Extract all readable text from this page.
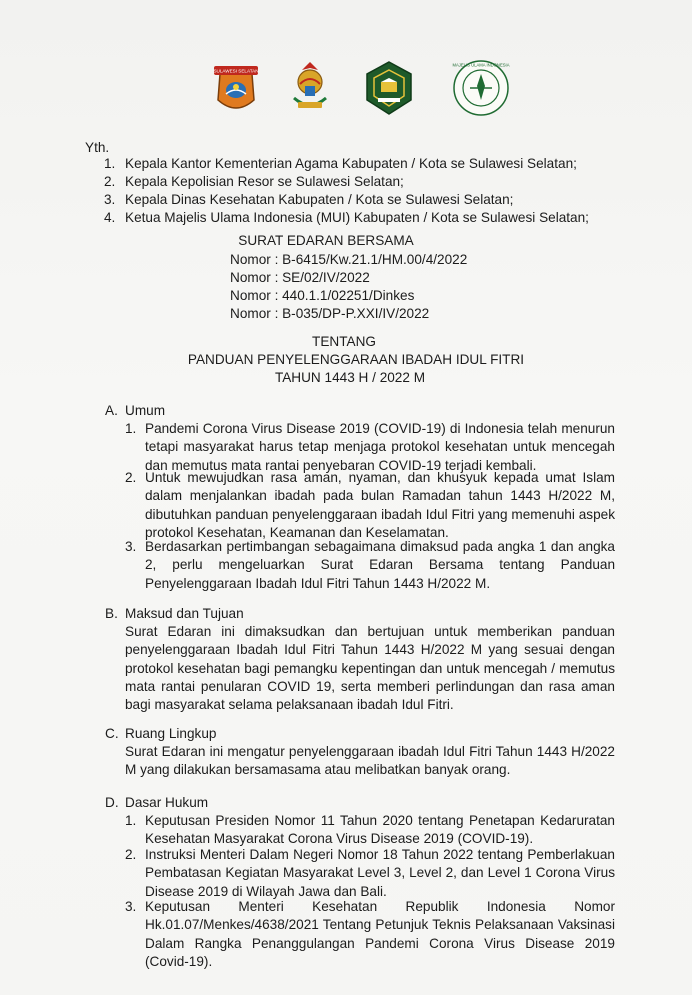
SULAWESI SELATAN
MAJELIS ULAMA INDONESIA
Yth.
1. Kepala Kantor Kementerian Agama Kabupaten / Kota se Sulawesi Selatan;
2. Kepala Kepolisian Resor se Sulawesi Selatan;
3. Kepala Dinas Kesehatan Kabupaten / Kota se Sulawesi Selatan;
4. Ketua Majelis Ulama Indonesia (MUI) Kabupaten / Kota se Sulawesi Selatan;
SURAT EDARAN BERSAMA
Nomor : B-6415/Kw.21.1/HM.00/4/2022
Nomor : SE/02/IV/2022
Nomor : 440.1.1/02251/Dinkes
Nomor : B-035/DP-P.XXI/IV/2022
TENTANG
PANDUAN PENYELENGGARAAN IBADAH IDUL FITRI
TAHUN 1443 H / 2022 M
A. Umum
1. Pandemi Corona Virus Disease 2019 (COVID-19) di Indonesia telah menurun tetapi masyarakat harus tetap menjaga protokol kesehatan untuk mencegah dan memutus mata rantai penyebaran COVID-19 terjadi kembali.
2. Untuk mewujudkan rasa aman, nyaman, dan khusyuk kepada umat Islam dalam menjalankan ibadah pada bulan Ramadan tahun 1443 H/2022 M, dibutuhkan panduan penyelenggaraan ibadah Idul Fitri yang memenuhi aspek protokol Kesehatan, Keamanan dan Keselamatan.
3. Berdasarkan pertimbangan sebagaimana dimaksud pada angka 1 dan angka 2, perlu mengeluarkan Surat Edaran Bersama tentang Panduan Penyelenggaraan Ibadah Idul Fitri Tahun 1443 H/2022 M.
B. Maksud dan Tujuan
Surat Edaran ini dimaksudkan dan bertujuan untuk memberikan panduan penyelenggaraan Ibadah Idul Fitri Tahun 1443 H/2022 M yang sesuai dengan protokol kesehatan bagi pemangku kepentingan dan untuk mencegah / memutus mata rantai penularan COVID 19, serta memberi perlindungan dan rasa aman bagi masyarakat selama pelaksanaan ibadah Idul Fitri.
C. Ruang Lingkup
Surat Edaran ini mengatur penyelenggaraan ibadah Idul Fitri Tahun 1443 H/2022 M yang dilakukan bersamasama atau melibatkan banyak orang.
D. Dasar Hukum
1. Keputusan Presiden Nomor 11 Tahun 2020 tentang Penetapan Kedaruratan Kesehatan Masyarakat Corona Virus Disease 2019 (COVID-19).
2. Instruksi Menteri Dalam Negeri Nomor 18 Tahun 2022 tentang Pemberlakuan Pembatasan Kegiatan Masyarakat Level 3, Level 2, dan Level 1 Corona Virus Disease 2019 di Wilayah Jawa dan Bali.
3. Keputusan Menteri Kesehatan Republik Indonesia Nomor Hk.01.07/Menkes/4638/2021 Tentang Petunjuk Teknis Pelaksanaan Vaksinasi Dalam Rangka Penanggulangan Pandemi Corona Virus Disease 2019 (Covid-19).
